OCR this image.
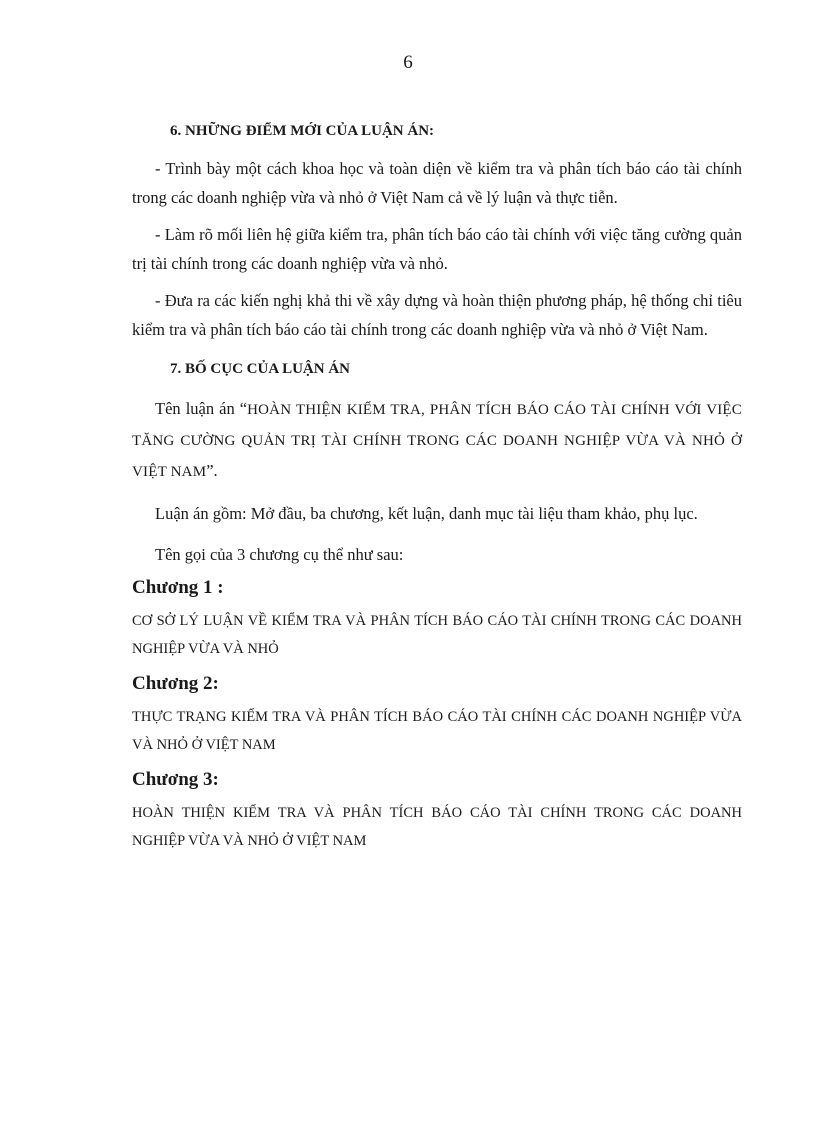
6

6. NHỮNG ĐIỂM MỚI CỦA LUẬN ÁN:

- Trình bày một cách khoa học và toàn diện về kiểm tra và phân tích báo cáo tài chính trong các doanh nghiệp vừa và nhỏ ở Việt Nam cả về lý luận và thực tiễn.

- Làm rõ mối liên hệ giữa kiểm tra, phân tích báo cáo tài chính với việc tăng cường quản trị tài chính trong các doanh nghiệp vừa và nhỏ.

- Đưa ra các kiến nghị khả thi về xây dựng và hoàn thiện phương pháp, hệ thống chỉ tiêu kiểm tra và phân tích báo cáo tài chính trong các doanh nghiệp vừa và nhỏ ở Việt Nam.

7. BỐ CỤC CỦA LUẬN ÁN

Tên luận án “HOÀN THIỆN KIỂM TRA, PHÂN TÍCH BÁO CÁO TÀI CHÍNH VỚI VIỆC TĂNG CƯỜNG QUẢN TRỊ TÀI CHÍNH TRONG CÁC DOANH NGHIỆP VỪA VÀ NHỎ Ở VIỆT NAM”.

Luận án gồm: Mở đầu, ba chương, kết luận, danh mục tài liệu tham khảo, phụ lục.

Tên gọi của 3 chương cụ thể như sau:

Chương 1 :

CƠ SỞ LÝ LUẬN VỀ KIỂM TRA VÀ PHÂN TÍCH BÁO CÁO TÀI CHÍNH TRONG CÁC DOANH NGHIỆP VỪA VÀ NHỎ

Chương 2:

THỰC TRẠNG KIỂM TRA VÀ PHÂN TÍCH BÁO CÁO TÀI CHÍNH CÁC DOANH NGHIỆP VỪA VÀ NHỎ Ở VIỆT NAM

Chương 3:

HOÀN THIỆN KIỂM TRA VÀ PHÂN TÍCH BÁO CÁO TÀI CHÍNH TRONG CÁC DOANH NGHIỆP VỪA VÀ NHỎ Ở VIỆT NAM
